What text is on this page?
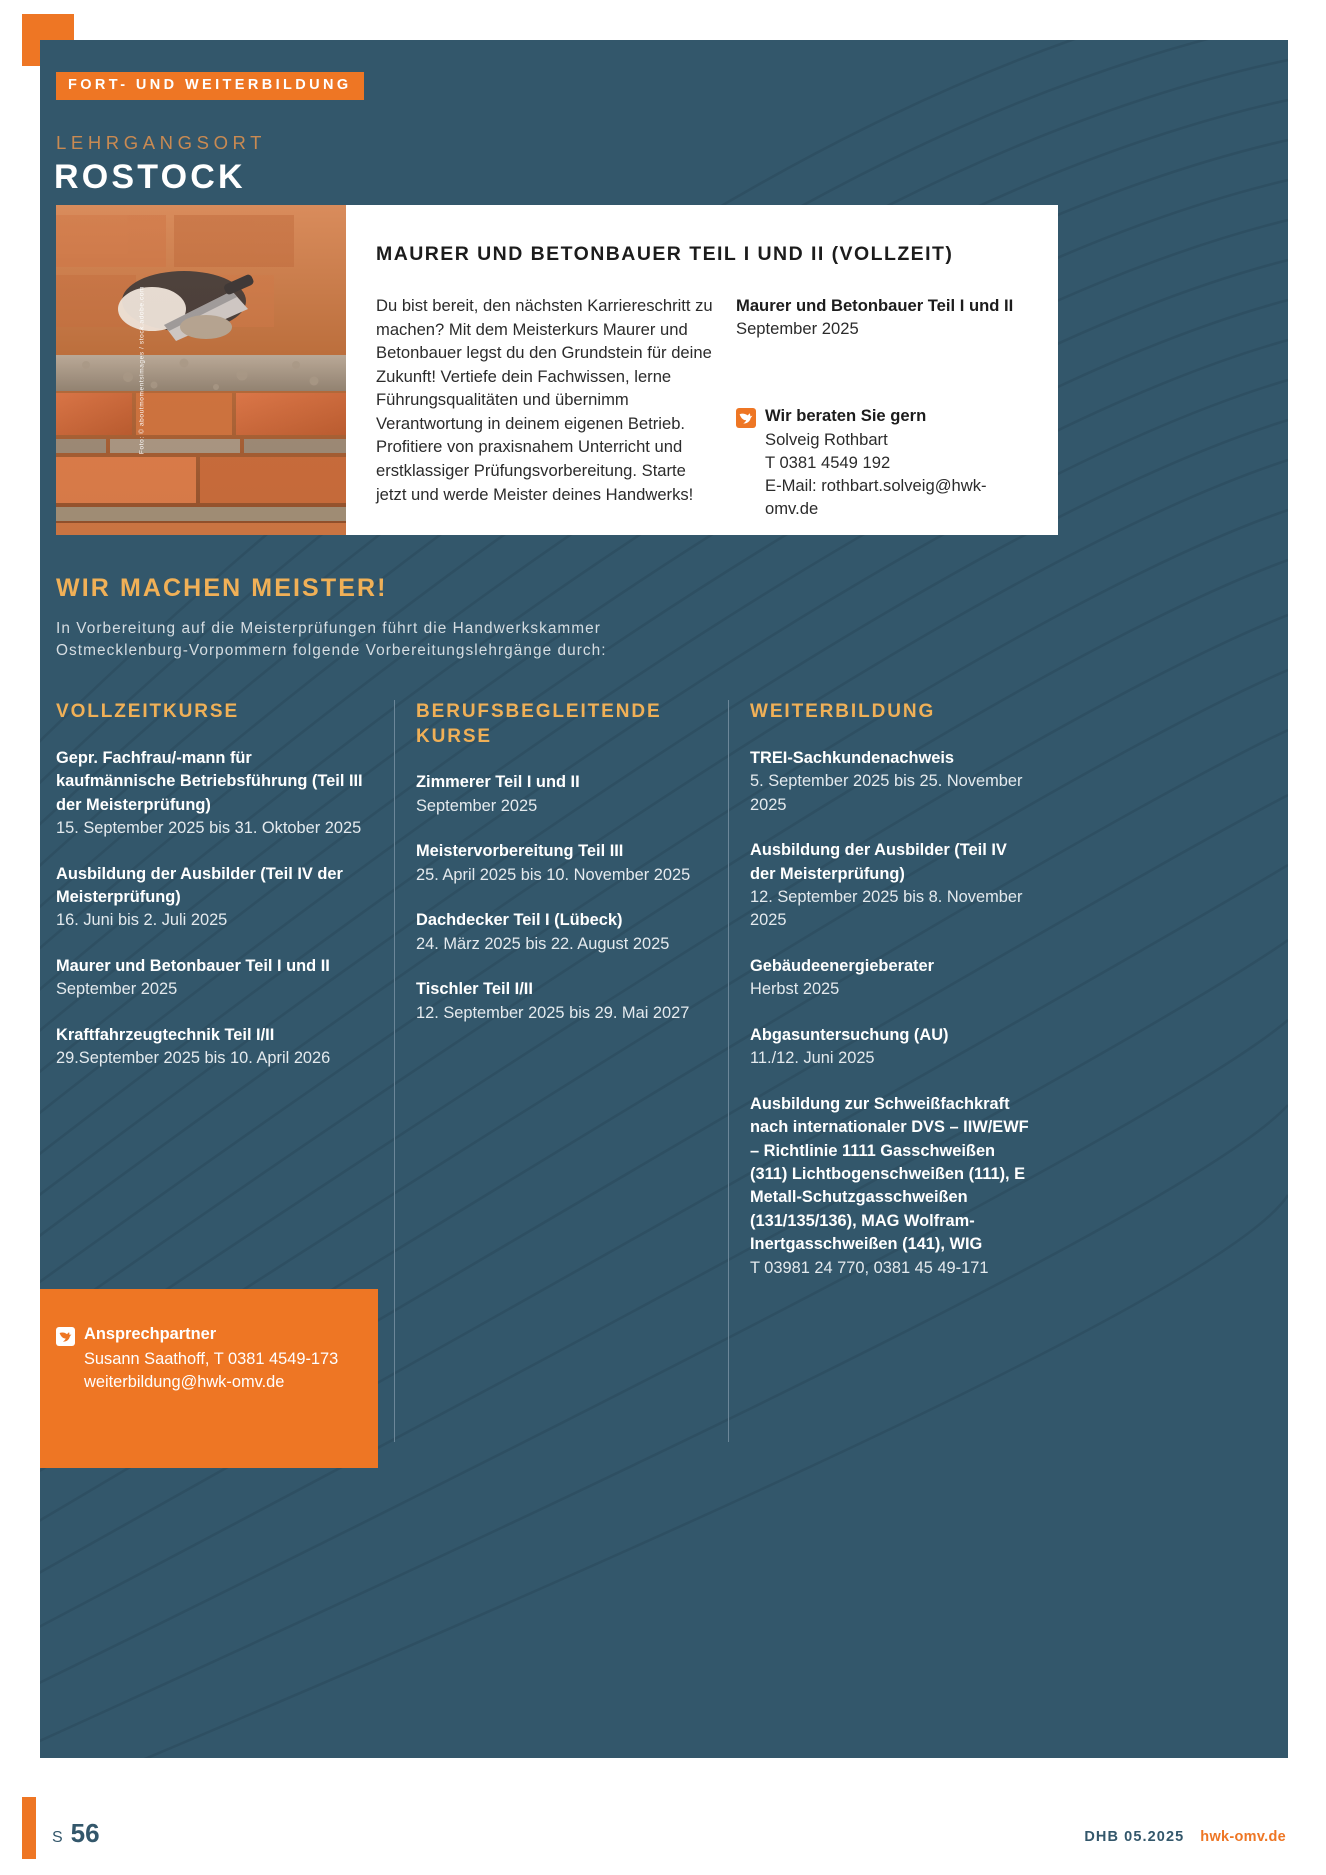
FORT- UND WEITERBILDUNG
LEHRGANGSORT
ROSTOCK
Foto: © aboutmomentsimages / stock.adobe.com
MAURER UND BETONBAUER TEIL I UND II (VOLLZEIT)

Du bist bereit, den nächsten Karriereschritt zu machen? Mit dem Meisterkurs Maurer und Betonbauer legst du den Grundstein für deine Zukunft! Vertiefe dein Fachwissen, lerne Führungsqualitäten und übernimm Verantwortung in deinem eigenen Betrieb. Profitiere von praxisnahem Unterricht und erstklassiger Prüfungsvorbereitung. Starte jetzt und werde Meister deines Handwerks!

Maurer und Betonbauer Teil I und II
September 2025
Wir beraten Sie gern
Solveig Rothbart
T 0381 4549 192
E-Mail: rothbart.solveig@hwk-omv.de
WIR MACHEN MEISTER!
In Vorbereitung auf die Meisterprüfungen führt die Handwerkskammer Ostmecklenburg-Vorpommern folgende Vorbereitungslehrgänge durch:
VOLLZEITKURSE
Gepr. Fachfrau/-mann für kaufmännische Betriebsführung (Teil III der Meisterprüfung)
15. September 2025 bis 31. Oktober 2025
Ausbildung der Ausbilder (Teil IV der Meisterprüfung)
16. Juni bis 2. Juli 2025
Maurer und Betonbauer Teil I und II
September 2025
Kraftfahrzeugtechnik Teil I/II
29.September 2025 bis 10. April 2026
BERUFSBEGLEITENDE KURSE
Zimmerer Teil I und II
September 2025
Meistervorbereitung Teil III
25. April 2025 bis 10. November 2025
Dachdecker Teil I (Lübeck)
24. März 2025 bis 22. August 2025
Tischler Teil I/II
12. September 2025 bis 29. Mai 2027
WEITERBILDUNG
TREI-Sachkundenachweis
5. September 2025 bis 25. November 2025
Ausbildung der Ausbilder (Teil IV der Meisterprüfung)
12. September 2025 bis 8. November 2025
Gebäudeenergieberater
Herbst 2025
Abgasuntersuchung (AU)
11./12. Juni 2025
Ausbildung zur Schweißfachkraft nach internationaler DVS – IIW/EWF – Richtlinie 1111 Gasschweißen (311) Lichtbogenschweißen (111), E Metall-Schutzgasschweißen (131/135/136), MAG Wolfram-Inertgasschweißen (141), WIG
T 03981 24 770, 0381 45 49-171
Ansprechpartner
Susann Saathoff, T 0381 4549-173
weiterbildung@hwk-omv.de
S 56	DHB 05.2025 hwk-omv.de
